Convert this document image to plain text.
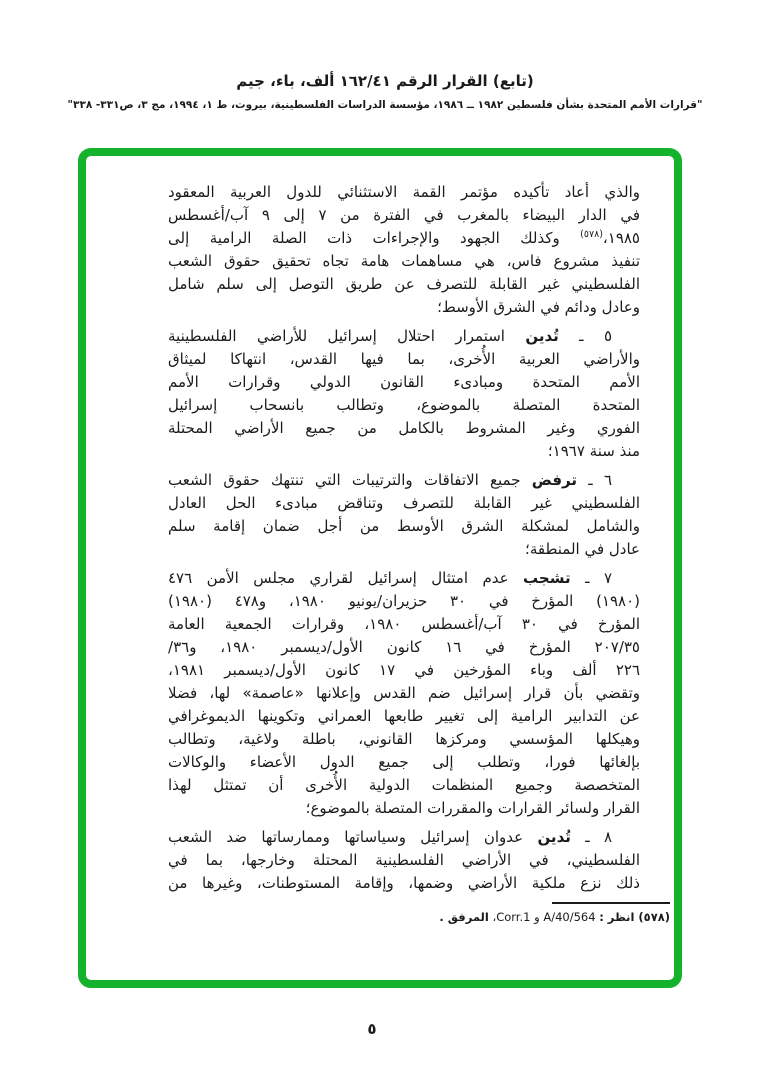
(تابع) القرار الرقم ٤١‏/‏١٦٢ ألف، باء، جيم
"قرارات الأمم المتحدة بشأن فلسطين ١٩٨٢ ــ ١٩٨٦، مؤسسة الدراسات الفلسطينية، بيروت، ط ١، ١٩٩٤، مج ٣، ص٣٣١- ٣٣٨"
والذي أعاد تأكيده مؤتمر القمة الاستثنائي للدول العربية المعقود
في الدار البيضاء بالمغرب في الفترة من ٧ إلى ٩ آب/أغسطس
١٩٨٥،$^{(٥٧٨)}$ وكذلك الجهود والإجراءات ذات الصلة الرامية إلى
تنفيذ مشروع فاس، هي مساهمات هامة تجاه تحقيق حقوق الشعب
الفلسطيني غير القابلة للتصرف عن طريق التوصل إلى سلم شامل
وعادل ودائم في الشرق الأوسط؛
٥ ـ تُدين استمرار احتلال إسرائيل للأراضي الفلسطينية
والأراضي العربية الأُخرى، بما فيها القدس، انتهاكا لميثاق
الأمم المتحدة ومبادىء القانون الدولي وقرارات الأمم
المتحدة المتصلة بالموضوع، وتطالب بانسحاب إسرائيل
الفوري وغير المشروط بالكامل من جميع الأراضي المحتلة
منذ سنة ١٩٦٧؛
٦ ـ ترفض جميع الاتفاقات والترتيبات التي تنتهك حقوق الشعب
الفلسطيني غير القابلة للتصرف وتناقض مبادىء الحل العادل
والشامل لمشكلة الشرق الأوسط من أجل ضمان إقامة سلم
عادل في المنطقة؛
٧ ـ تشجب عدم امتثال إسرائيل لقراري مجلس الأمن ٤٧٦
(١٩٨٠) المؤرخ في ٣٠ حزيران/يونيو ١٩٨٠، و٤٧٨ (١٩٨٠)
المؤرخ في ٣٠ آب/أغسطس ١٩٨٠، وقرارات الجمعية العامة
٣٥‏/‏٢٠٧ المؤرخ في ١٦ كانون الأول/ديسمبر ١٩٨٠، و٣٦‏/
٢٢٦ ألف وباء المؤرخين في ١٧ كانون الأول/ديسمبر ١٩٨١،
وتقضي بأن قرار إسرائيل ضم القدس وإعلانها «عاصمة» لها، فضلا
عن التدابير الرامية إلى تغيير طابعها العمراني وتكوينها الديموغرافي
وهيكلها المؤسسي ومركزها القانوني، باطلة ولاغية، وتطالب
بإلغائها فورا، وتطلب إلى جميع الدول الأعضاء والوكالات
المتخصصة وجميع المنظمات الدولية الأُخرى أن تمتثل لهذا
القرار ولسائر القرارات والمقررات المتصلة بالموضوع؛
٨ ـ تُدين عدوان إسرائيل وسياساتها وممارساتها ضد الشعب
الفلسطيني، في الأراضي الفلسطينية المحتلة وخارجها، بما في
ذلك نزع ملكية الأراضي وضمها، وإقامة المستوطنات، وغيرها من
(٥٧٨) انظر : A/40/564 و Corr.1، المرفق .
٥
